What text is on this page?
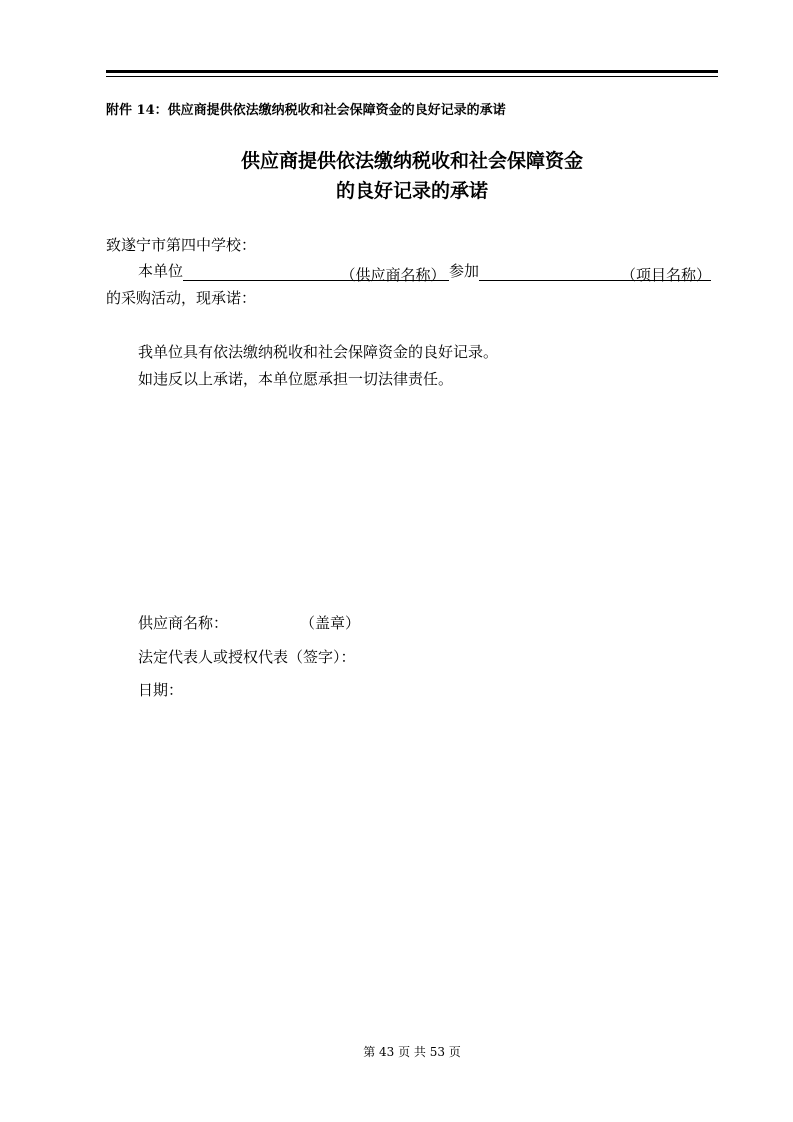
附件 14：供应商提供依法缴纳税收和社会保障资金的良好记录的承诺
供应商提供依法缴纳税收和社会保障资金
的良好记录的承诺
致遂宁市第四中学校：
本单位	（供应商名称） 参加	（项目名称）
的采购活动，现承诺：
我单位具有依法缴纳税收和社会保障资金的良好记录。
如违反以上承诺，本单位愿承担一切法律责任。
供应商名称：	（盖章）
法定代表人或授权代表（签字）：
日期：
第 43 页 共 53 页
